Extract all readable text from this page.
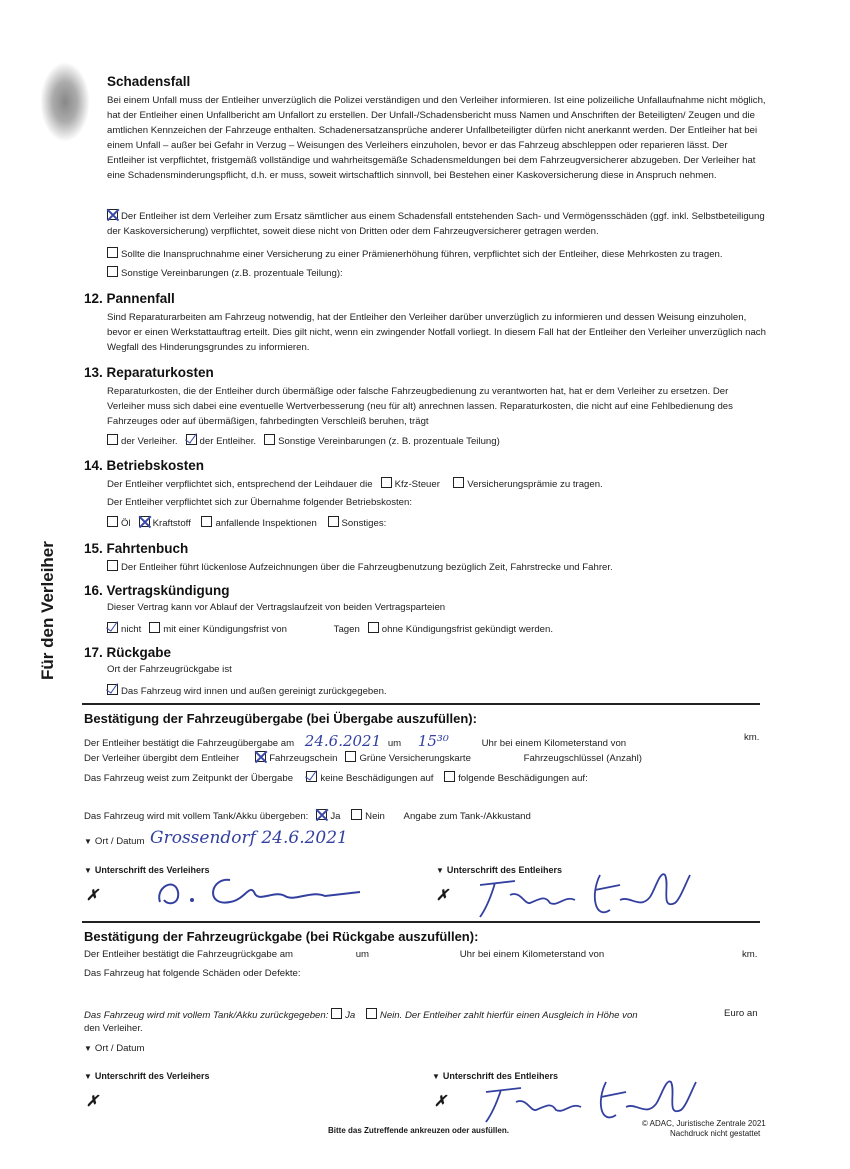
Für den Verleiher
Schadensfall
Bei einem Unfall muss der Entleiher unverzüglich die Polizei verständigen und den Verleiher informieren. Ist eine polizeiliche Unfallaufnahme nicht möglich, hat der Entleiher einen Unfallbericht am Unfallort zu erstellen. Der Unfall-/Schadensbericht muss Namen und Anschriften der Beteiligten/ Zeugen und die amtlichen Kennzeichen der Fahrzeuge enthalten. Schadenersatzansprüche anderer Unfallbeteiligter dürfen nicht anerkannt werden. Der Entleiher hat bei einem Unfall – außer bei Gefahr in Verzug – Weisungen des Verleihers einzuholen, bevor er das Fahrzeug abschleppen oder reparieren lässt. Der Entleiher ist verpflichtet, fristgemäß vollständige und wahrheitsgemäße Schadensmeldungen bei dem Fahrzeugversicherer abzugeben. Der Verleiher hat eine Schadensminderungspflicht, d.h. er muss, soweit wirtschaftlich sinnvoll, bei Bestehen einer Kaskoversicherung diese in Anspruch nehmen.
Der Entleiher ist dem Verleiher zum Ersatz sämtlicher aus einem Schadensfall entstehenden Sach- und Vermögensschäden (ggf. inkl. Selbstbeteiligung der Kaskoversicherung) verpflichtet, soweit diese nicht von Dritten oder dem Fahrzeugversicherer getragen werden.
Sollte die Inanspruchnahme einer Versicherung zu einer Prämienerhöhung führen, verpflichtet sich der Entleiher, diese Mehrkosten zu tragen.
Sonstige Vereinbarungen (z.B. prozentuale Teilung):
12. Pannenfall
Sind Reparaturarbeiten am Fahrzeug notwendig, hat der Entleiher den Verleiher darüber unverzüglich zu informieren und dessen Weisung einzuholen, bevor er einen Werkstattauftrag erteilt. Dies gilt nicht, wenn ein zwingender Notfall vorliegt. In diesem Fall hat der Entleiher den Verleiher unverzüglich nach Wegfall des Hinderungsgrundes zu informieren.
13. Reparaturkosten
Reparaturkosten, die der Entleiher durch übermäßige oder falsche Fahrzeugbedienung zu verantworten hat, hat er dem Verleiher zu ersetzen. Der Verleiher muss sich dabei eine eventuelle Wertverbesserung (neu für alt) anrechnen lassen. Reparaturkosten, die nicht auf eine Fehlbedienung des Fahrzeuges oder auf übermäßigen, fahrbedingten Verschleiß beruhen, trägt
der Verleiher. der Entleiher. Sonstige Vereinbarungen (z. B. prozentuale Teilung)
14. Betriebskosten
Der Entleiher verpflichtet sich, entsprechend der Leihdauer die Kfz-Steuer	Versicherungsprämie zu tragen.
Der Entleiher verpflichtet sich zur Übernahme folgender Betriebskosten:
Öl Kraftstoff	anfallende Inspektionen	Sonstiges:
15. Fahrtenbuch
Der Entleiher führt lückenlose Aufzeichnungen über die Fahrzeugbenutzung bezüglich Zeit, Fahrstrecke und Fahrer.
16. Vertragskündigung
Dieser Vertrag kann vor Ablauf der Vertragslaufzeit von beiden Vertragsparteien
nicht mit einer Kündigungsfrist von	Tagen ohne Kündigungsfrist gekündigt werden.
17. Rückgabe
Ort der Fahrzeugrückgabe ist
Das Fahrzeug wird innen und außen gereinigt zurückgegeben.
Bestätigung der Fahrzeugübergabe (bei Übergabe auszufüllen):
Der Entleiher bestätigt die Fahrzeugübergabe am 24.6.2021 um 15³⁰	Uhr bei einem Kilometerstand von
km.
Der Verleiher übergibt dem Entleiher	Fahrzeugschein Grüne Versicherungskarte	Fahrzeugschlüssel (Anzahl)
Das Fahrzeug weist zum Zeitpunkt der Übergabe	keine Beschädigungen auf	folgende Beschädigungen auf:
Das Fahrzeug wird mit vollem Tank/Akku übergeben: Ja	Nein Angabe zum Tank-/Akkustand
▼ Ort / Datum Grossendorf 24.6.2021
▼ Unterschrift des Verleihers	▼ Unterschrift des Entleihers
✗	✗
Bestätigung der Fahrzeugrückgabe (bei Rückgabe auszufüllen):
Der Entleiher bestätigt die Fahrzeugrückgabe am	um	Uhr bei einem Kilometerstand von	km.
Das Fahrzeug hat folgende Schäden oder Defekte:
Das Fahrzeug wird mit vollem Tank/Akku zurückgegeben: Ja	Nein. Der Entleiher zahlt hierfür einen Ausgleich in Höhe von	Euro an
den Verleiher.
▼ Ort / Datum
▼ Unterschrift des Verleihers	▼ Unterschrift des Entleihers
✗	✗
Bitte das Zutreffende ankreuzen oder ausfüllen.
© ADAC, Juristische Zentrale 2021
Nachdruck nicht gestattet
